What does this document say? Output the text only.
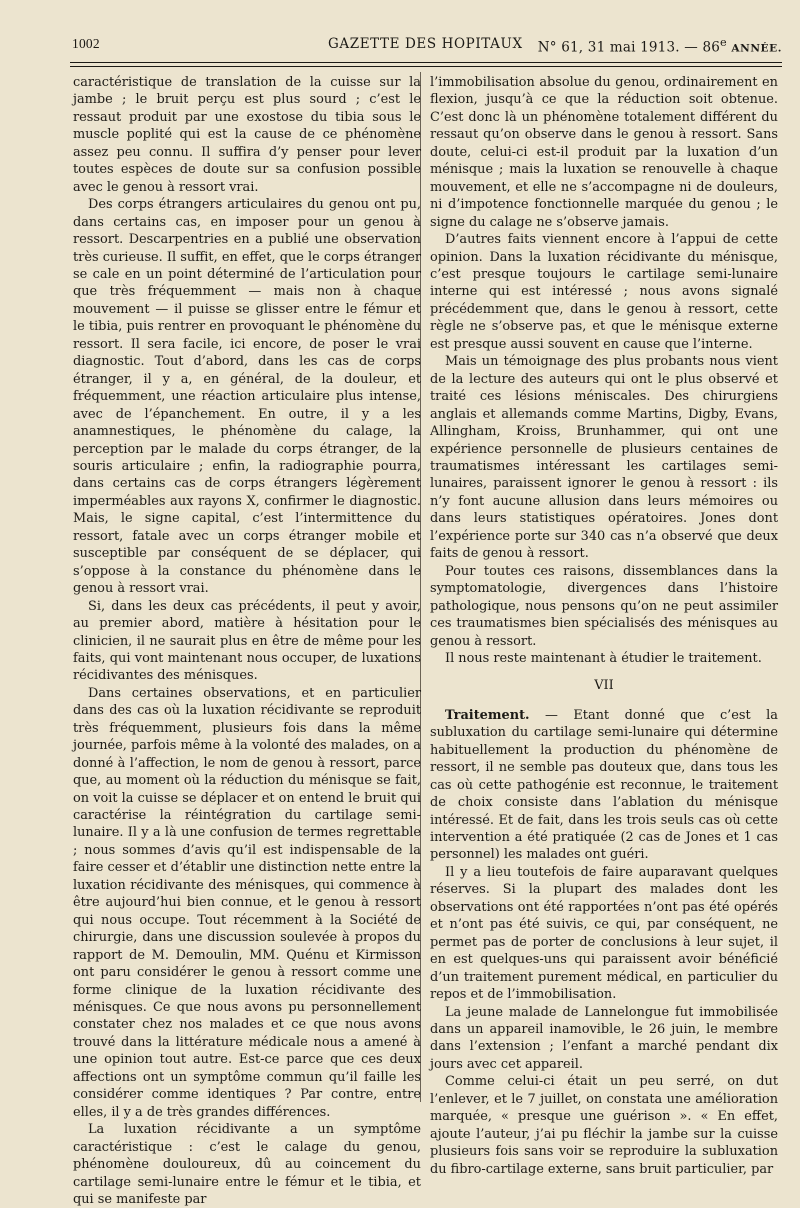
1002	GAZETTE DES HOPITAUX N° 61, 31 mai 1913. — 86e ANNÉE.

caractéristique de translation de la cuisse sur la jambe ; le bruit perçu est plus sourd ; c’est le ressaut produit par une exostose du tibia sous le muscle poplité qui est la cause de ce phénomène assez peu connu. Il suffira d’y penser pour lever toutes espèces de doute sur sa confusion possible avec le genou à ressort vrai.

Des corps étrangers articulaires du genou ont pu, dans certains cas, en imposer pour un genou à ressort. Descarpentries en a publié une observation très curieuse. Il suffit, en effet, que le corps étranger se cale en un point déterminé de l’articulation pour que très fréquemment — mais non à chaque mouvement — il puisse se glisser entre le fémur et le tibia, puis rentrer en provoquant le phénomène du ressort. Il sera facile, ici encore, de poser le vrai diagnostic. Tout d’abord, dans les cas de corps étranger, il y a, en général, de la douleur, et fréquemment, une réaction articulaire plus intense, avec de l’épanchement. En outre, il y a les anamnestiques, le phénomène du calage, la perception par le malade du corps étranger, de la souris articulaire ; enfin, la radiographie pourra, dans certains cas de corps étrangers légèrement imperméables aux rayons X, confirmer le diagnostic. Mais, le signe capital, c’est l’intermittence du ressort, fatale avec un corps étranger mobile et susceptible par conséquent de se déplacer, qui s’oppose à la constance du phénomène dans le genou à ressort vrai.

Si, dans les deux cas précédents, il peut y avoir, au premier abord, matière à hésitation pour le clinicien, il ne saurait plus en être de même pour les faits, qui vont maintenant nous occuper, de luxations récidivantes des ménisques.

Dans certaines observations, et en particulier dans des cas où la luxation récidivante se reproduit très fréquemment, plusieurs fois dans la même journée, parfois même à la volonté des malades, on a donné à l’affection, le nom de genou à ressort, parce que, au moment où la réduction du ménisque se fait, on voit la cuisse se déplacer et on entend le bruit qui caractérise la réintégration du cartilage semi-lunaire. Il y a là une confusion de termes regrettable ; nous sommes d’avis qu’il est indispensable de la faire cesser et d’établir une distinction nette entre la luxation récidivante des ménisques, qui commence à être aujourd’hui bien connue, et le genou à ressort qui nous occupe. Tout récemment à la Société de chirurgie, dans une discussion soulevée à propos du rapport de M. Demoulin, MM. Quénu et Kirmisson ont paru considérer le genou à ressort comme une forme clinique de la luxation récidivante des ménisques. Ce que nous avons pu personnellement constater chez nos malades et ce que nous avons trouvé dans la littérature médicale nous a amené à une opinion tout autre. Est-ce parce que ces deux affections ont un symptôme commun qu’il faille les considérer comme identiques ? Par contre, entre elles, il y a de très grandes différences.

La luxation récidivante a un symptôme caractéristique : c’est le calage du genou, phénomène douloureux, dû au coincement du cartilage semi-lunaire entre le fémur et le tibia, et qui se manifeste par

l’immobilisation absolue du genou, ordinairement en flexion, jusqu’à ce que la réduction soit obtenue. C’est donc là un phénomène totalement différent du ressaut qu’on observe dans le genou à ressort. Sans doute, celui-ci est-il produit par la luxation d’un ménisque ; mais la luxation se renouvelle à chaque mouvement, et elle ne s’accompagne ni de douleurs, ni d’impotence fonctionnelle marquée du genou ; le signe du calage ne s’observe jamais.

D’autres faits viennent encore à l’appui de cette opinion. Dans la luxation récidivante du ménisque, c’est presque toujours le cartilage semi-lunaire interne qui est intéressé ; nous avons signalé précédemment que, dans le genou à ressort, cette règle ne s’observe pas, et que le ménisque externe est presque aussi souvent en cause que l’interne.

Mais un témoignage des plus probants nous vient de la lecture des auteurs qui ont le plus observé et traité ces lésions méniscales. Des chirurgiens anglais et allemands comme Martins, Digby, Evans, Allingham, Kroiss, Brunhammer, qui ont une expérience personnelle de plusieurs centaines de traumatismes intéressant les cartilages semi-lunaires, paraissent ignorer le genou à ressort : ils n’y font aucune allusion dans leurs mémoires ou dans leurs statistiques opératoires. Jones dont l’expérience porte sur 340 cas n’a observé que deux faits de genou à ressort.

Pour toutes ces raisons, dissemblances dans la symptomatologie, divergences dans l’histoire pathologique, nous pensons qu’on ne peut assimiler ces traumatismes bien spécialisés des ménisques au genou à ressort.

Il nous reste maintenant à étudier le traitement.

VII

Traitement. — Etant donné que c’est la subluxation du cartilage semi-lunaire qui détermine habituellement la production du phénomène de ressort, il ne semble pas douteux que, dans tous les cas où cette pathogénie est reconnue, le traitement de choix consiste dans l’ablation du ménisque intéressé. Et de fait, dans les trois seuls cas où cette intervention a été pratiquée (2 cas de Jones et 1 cas personnel) les malades ont guéri.

Il y a lieu toutefois de faire auparavant quelques réserves. Si la plupart des malades dont les observations ont été rapportées n’ont pas été opérés et n’ont pas été suivis, ce qui, par conséquent, ne permet pas de porter de conclusions à leur sujet, il en est quelques-uns qui paraissent avoir bénéficié d’un traitement purement médical, en particulier du repos et de l’immobilisation.

La jeune malade de Lannelongue fut immobilisée dans un appareil inamovible, le 26 juin, le membre dans l’extension ; l’enfant a marché pendant dix jours avec cet appareil.

Comme celui-ci était un peu serré, on dut l’enlever, et le 7 juillet, on constata une amélioration marquée, « presque une guérison ». « En effet, ajoute l’auteur, j’ai pu fléchir la jambe sur la cuisse plusieurs fois sans voir se reproduire la subluxation du fibro-cartilage externe, sans bruit particulier, par
